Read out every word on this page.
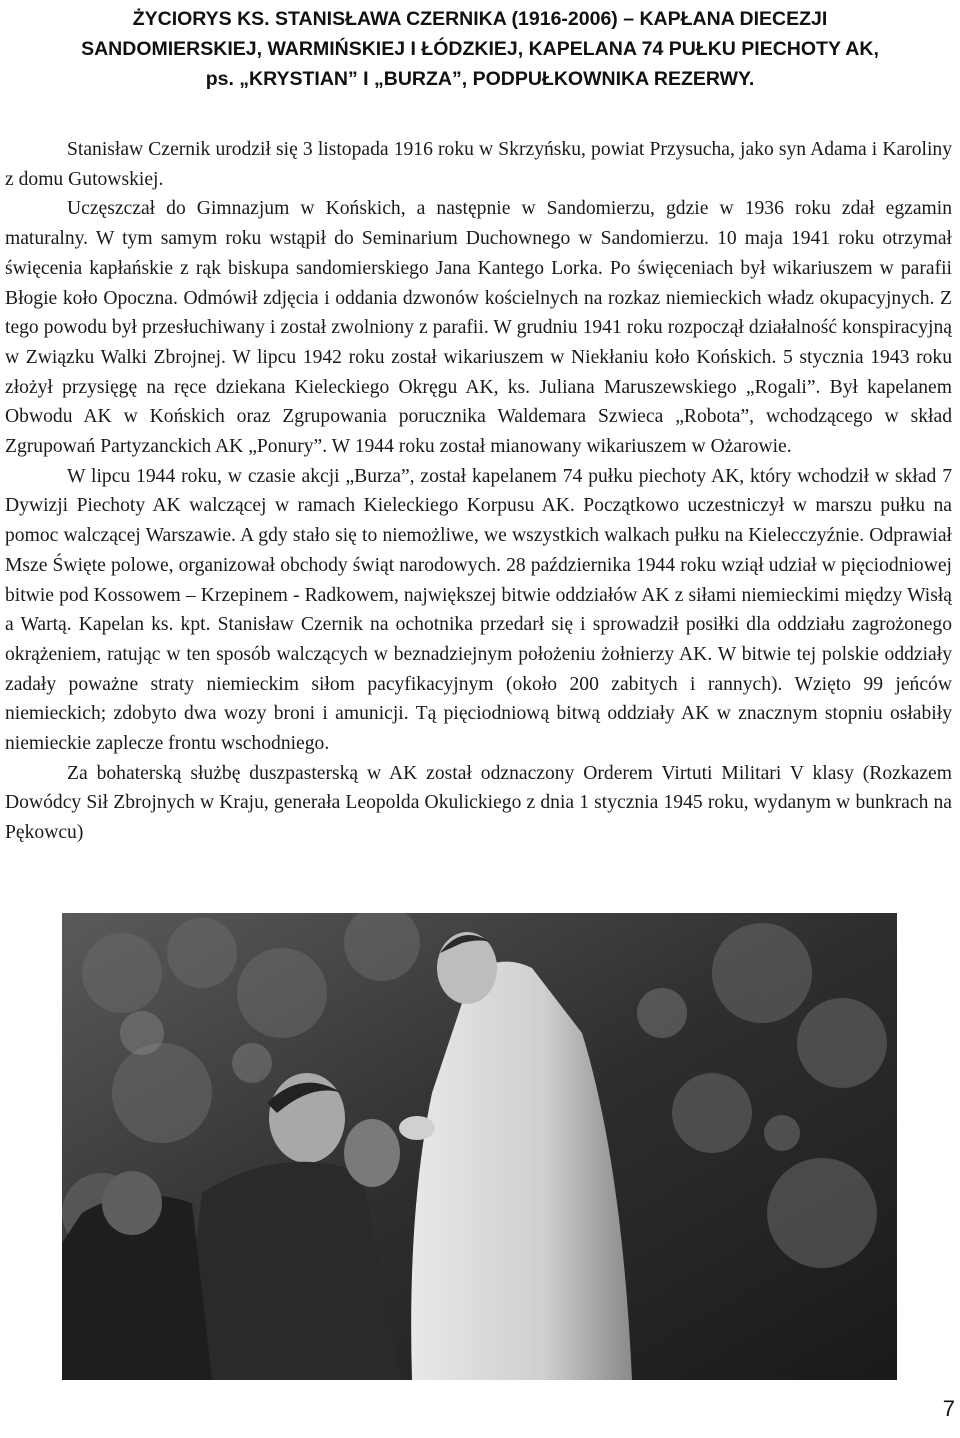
ŻYCIORYS KS. STANISŁAWA CZERNIKA (1916-2006) – KAPŁANA DIECEZJI
SANDOMIERSKIEJ, WARMIŃSKIEJ I ŁÓDZKIEJ, KAPELANA 74 PUŁKU PIECHOTY AK,
ps. „KRYSTIAN” I „BURZA”, PODPUŁKOWNIKA REZERWY.

Stanisław Czernik urodził się 3 listopada 1916 roku w Skrzyńsku, powiat Przysucha, jako syn Adama i Karoliny z domu Gutowskiej.

Uczęszczał do Gimnazjum w Końskich, a następnie w Sandomierzu, gdzie w 1936 roku zdał egzamin maturalny. W tym samym roku wstąpił do Seminarium Duchownego w Sandomierzu. 10 maja 1941 roku otrzymał święcenia kapłańskie z rąk biskupa sandomierskiego Jana Kantego Lorka. Po święceniach był wikariuszem w parafii Błogie koło Opoczna. Odmówił zdjęcia i oddania dzwonów kościelnych na rozkaz niemieckich władz okupacyjnych. Z tego powodu był przesłuchiwany i został zwolniony z parafii. W grudniu 1941 roku rozpoczął działalność konspiracyjną w Związku Walki Zbrojnej. W lipcu 1942 roku został wikariuszem w Niekłaniu koło Końskich. 5 stycznia 1943 roku złożył przysięgę na ręce dziekana Kieleckiego Okręgu AK, ks. Juliana Maruszewskiego „Rogali”. Był kapelanem Obwodu AK w Końskich oraz Zgrupowania porucznika Waldemara Szwieca „Robota”, wchodzącego w skład Zgrupowań Partyzanckich AK „Ponury”. W 1944 roku został mianowany wikariuszem w Ożarowie.

W lipcu 1944 roku, w czasie akcji „Burza”, został kapelanem 74 pułku piechoty AK, który wchodził w skład 7 Dywizji Piechoty AK walczącej w ramach Kieleckiego Korpusu AK. Początkowo uczestniczył w marszu pułku na pomoc walczącej Warszawie. A gdy stało się to niemożliwe, we wszystkich walkach pułku na Kielecczyźnie. Odprawiał Msze Święte polowe, organizował obchody świąt narodowych. 28 października 1944 roku wziął udział w pięciodniowej bitwie pod Kossowem – Krzepinem - Radkowem, największej bitwie oddziałów AK z siłami niemieckimi między Wisłą a Wartą. Kapelan ks. kpt. Stanisław Czernik na ochotnika przedarł się i sprowadził posiłki dla oddziału zagrożonego okrążeniem, ratując w ten sposób walczących w beznadziejnym położeniu żołnierzy AK. W bitwie tej polskie oddziały zadały poważne straty niemieckim siłom pacyfikacyjnym (około 200 zabitych i rannych). Wzięto 99 jeńców niemieckich; zdobyto dwa wozy broni i amunicji. Tą pięciodniową bitwą oddziały AK w znacznym stopniu osłabiły niemieckie zaplecze frontu wschodniego.

Za bohaterską służbę duszpasterską w AK został odznaczony Orderem Virtuti Militari V klasy (Rozkazem Dowódcy Sił Zbrojnych w Kraju, generała Leopolda Okulickiego z dnia 1 stycznia 1945 roku, wydanym w bunkrach na Pękowcu)

7
